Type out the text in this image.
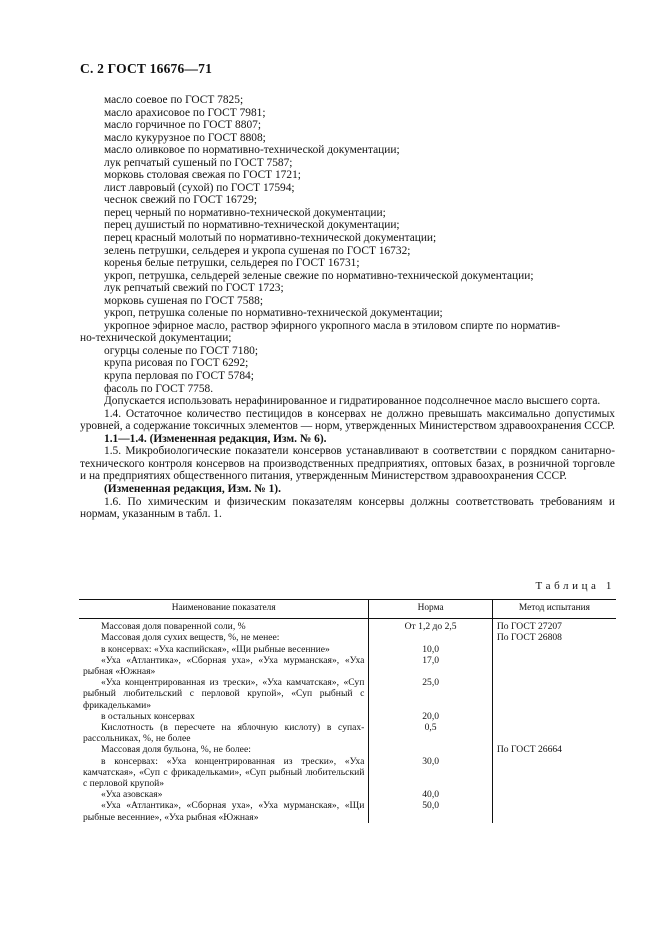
С. 2 ГОСТ 16676—71
масло соевое по ГОСТ 7825;
масло арахисовое по ГОСТ 7981;
масло горчичное по ГОСТ 8807;
масло кукурузное по ГОСТ 8808;
масло оливковое по нормативно-технической документации;
лук репчатый сушеный по ГОСТ 7587;
морковь столовая свежая по ГОСТ 1721;
лист лавровый (сухой) по ГОСТ 17594;
чеснок свежий по ГОСТ 16729;
перец черный по нормативно-технической документации;
перец душистый по нормативно-технической документации;
перец красный молотый по нормативно-технической документации;
зелень петрушки, сельдерея и укропа сушеная по ГОСТ 16732;
коренья белые петрушки, сельдерея по ГОСТ 16731;
укроп, петрушка, сельдерей зеленые свежие по нормативно-технической документации;
лук репчатый свежий по ГОСТ 1723;
морковь сушеная по ГОСТ 7588;
укроп, петрушка соленые по нормативно-технической документации;
укропное эфирное масло, раствор эфирного укропного масла в этиловом спирте по норматив-
но-технической документации;
огурцы соленые по ГОСТ 7180;
крупа рисовая по ГОСТ 6292;
крупа перловая по ГОСТ 5784;
фасоль по ГОСТ 7758.
Допускается использовать нерафинированное и гидратированное подсолнечное масло высшего сорта.
1.4. Остаточное количество пестицидов в консервах не должно превышать максимально допустимых уровней, а содержание токсичных элементов — норм, утвержденных Министерством здравоохранения СССР.
1.1—1.4. (Измененная редакция, Изм. № 6).
1.5. Микробиологические показатели консервов устанавливают в соответствии с порядком санитарно-технического контроля консервов на производственных предприятиях, оптовых базах, в розничной торговле и на предприятиях общественного питания, утвержденным Министерством здравоохранения СССР.
(Измененная редакция, Изм. № 1).
1.6. По химическим и физическим показателям консервы должны соответствовать требованиям и нормам, указанным в табл. 1.
Таблица 1
Наименование показателя	Норма	Метод испытания
Массовая доля поваренной соли, %	От 1,2 до 2,5	По ГОСТ 27207
Массовая доля сухих веществ, %, не менее:		По ГОСТ 26808
в консервах: «Уха каспийская», «Щи рыбные весенние»	10,0	
«Уха «Атлантика», «Сборная уха», «Уха мурманская», «Уха рыбная «Южная»	17,0	
«Уха концентрированная из трески», «Уха камчатская», «Суп рыбный любительский с перловой крупой», «Суп рыбный с фрикадельками»	25,0	
в остальных консервах	20,0	
Кислотность (в пересчете на яблочную кислоту) в супах-рассольниках, %, не более	0,5	
Массовая доля бульона, %, не более:		По ГОСТ 26664
в консервах: «Уха концентрированная из трески», «Уха камчатская», «Суп с фрикадельками», «Суп рыбный любительский с перловой крупой»	30,0	
«Уха азовская»	40,0	
«Уха «Атлантика», «Сборная уха», «Уха мурманская», «Щи рыбные весенние», «Уха рыбная «Южная»	50,0	
